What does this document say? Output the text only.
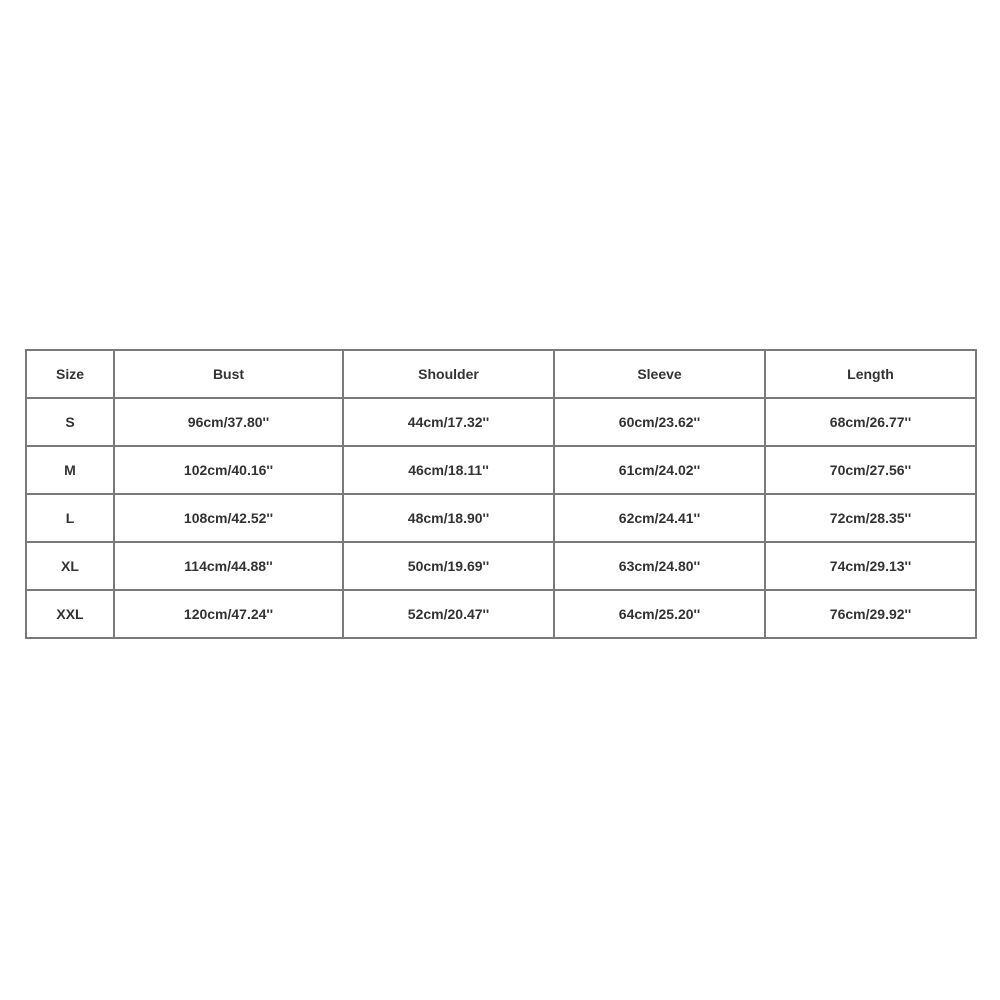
Size	Bust	Shoulder	Sleeve	Length
S	96cm/37.80''	44cm/17.32''	60cm/23.62''	68cm/26.77''
M	102cm/40.16''	46cm/18.11''	61cm/24.02''	70cm/27.56''
L	108cm/42.52''	48cm/18.90''	62cm/24.41''	72cm/28.35''
XL	114cm/44.88''	50cm/19.69''	63cm/24.80''	74cm/29.13''
XXL	120cm/47.24''	52cm/20.47''	64cm/25.20''	76cm/29.92''
